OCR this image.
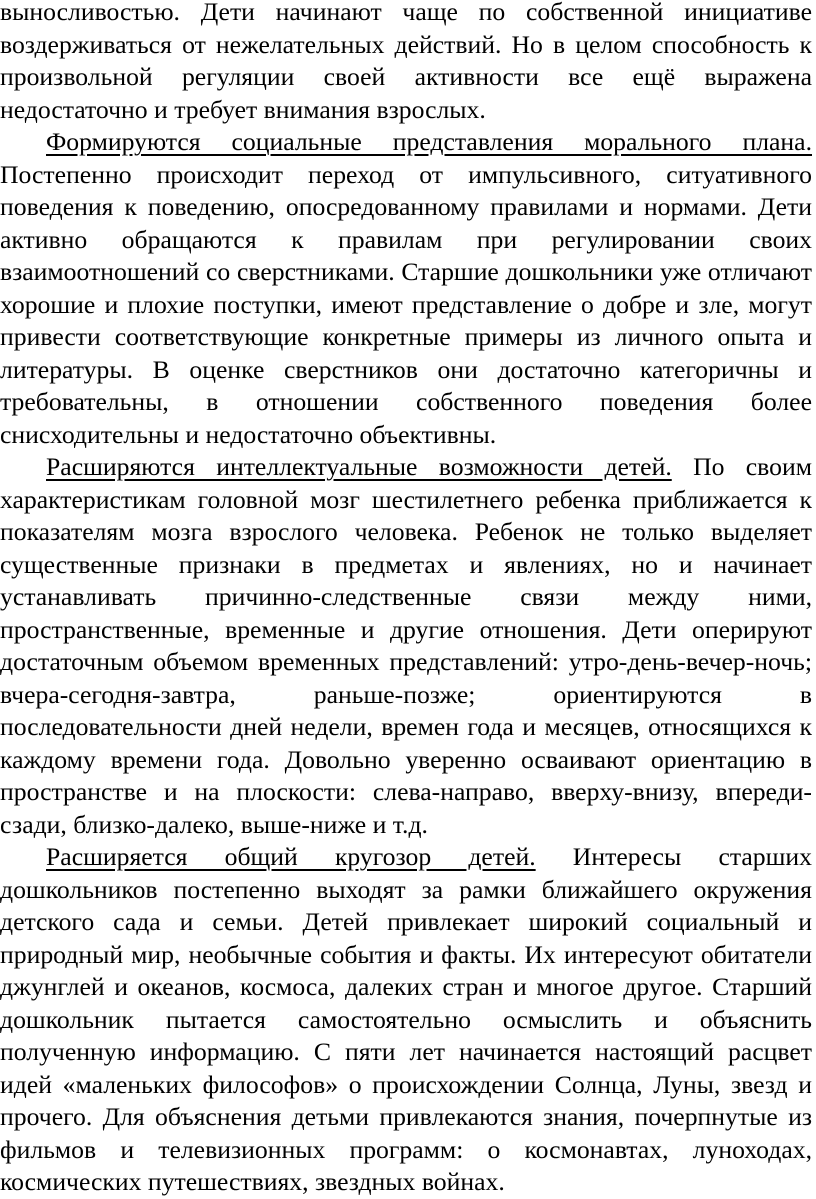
выносливостью. Дети начинают чаще по собственной инициативе воздерживаться от нежелательных действий. Но в целом способность к произвольной регуляции своей активности все ещё выражена недостаточно и требует внимания взрослых.

Формируются социальные представления морального плана. Постепенно происходит переход от импульсивного, ситуативного поведения к поведению, опосредованному правилами и нормами. Дети активно обращаются к правилам при регулировании своих взаимоотношений со сверстниками. Старшие дошкольники уже отличают хорошие и плохие поступки, имеют представление о добре и зле, могут привести соответствующие конкретные примеры из личного опыта и литературы. В оценке сверстников они достаточно категоричны и требовательны, в отношении собственного поведения более снисходительны и недостаточно объективны.

Расширяются интеллектуальные возможности детей. По своим характеристикам головной мозг шестилетнего ребенка приближается к показателям мозга взрослого человека. Ребенок не только выделяет существенные признаки в предметах и явлениях, но и начинает устанавливать причинно-следственные связи между ними, пространственные, временные и другие отношения. Дети оперируют достаточным объемом временных представлений: утро-день-вечер-ночь; вчера-сегодня-завтра, раньше-позже; ориентируются в последовательности дней недели, времен года и месяцев, относящихся к каждому времени года. Довольно уверенно осваивают ориентацию в пространстве и на плоскости: слева-направо, вверху-внизу, впереди-сзади, близко-далеко, выше-ниже и т.д.

Расширяется общий кругозор детей. Интересы старших дошкольников постепенно выходят за рамки ближайшего окружения детского сада и семьи. Детей привлекает широкий социальный и природный мир, необычные события и факты. Их интересуют обитатели джунглей и океанов, космоса, далеких стран и многое другое. Старший дошкольник пытается самостоятельно осмыслить и объяснить полученную информацию. С пяти лет начинается настоящий расцвет идей «маленьких философов» о происхождении Солнца, Луны, звезд и прочего. Для объяснения детьми привлекаются знания, почерпнутые из фильмов и телевизионных программ: о космонавтах, луноходах, космических путешествиях, звездных войнах.
